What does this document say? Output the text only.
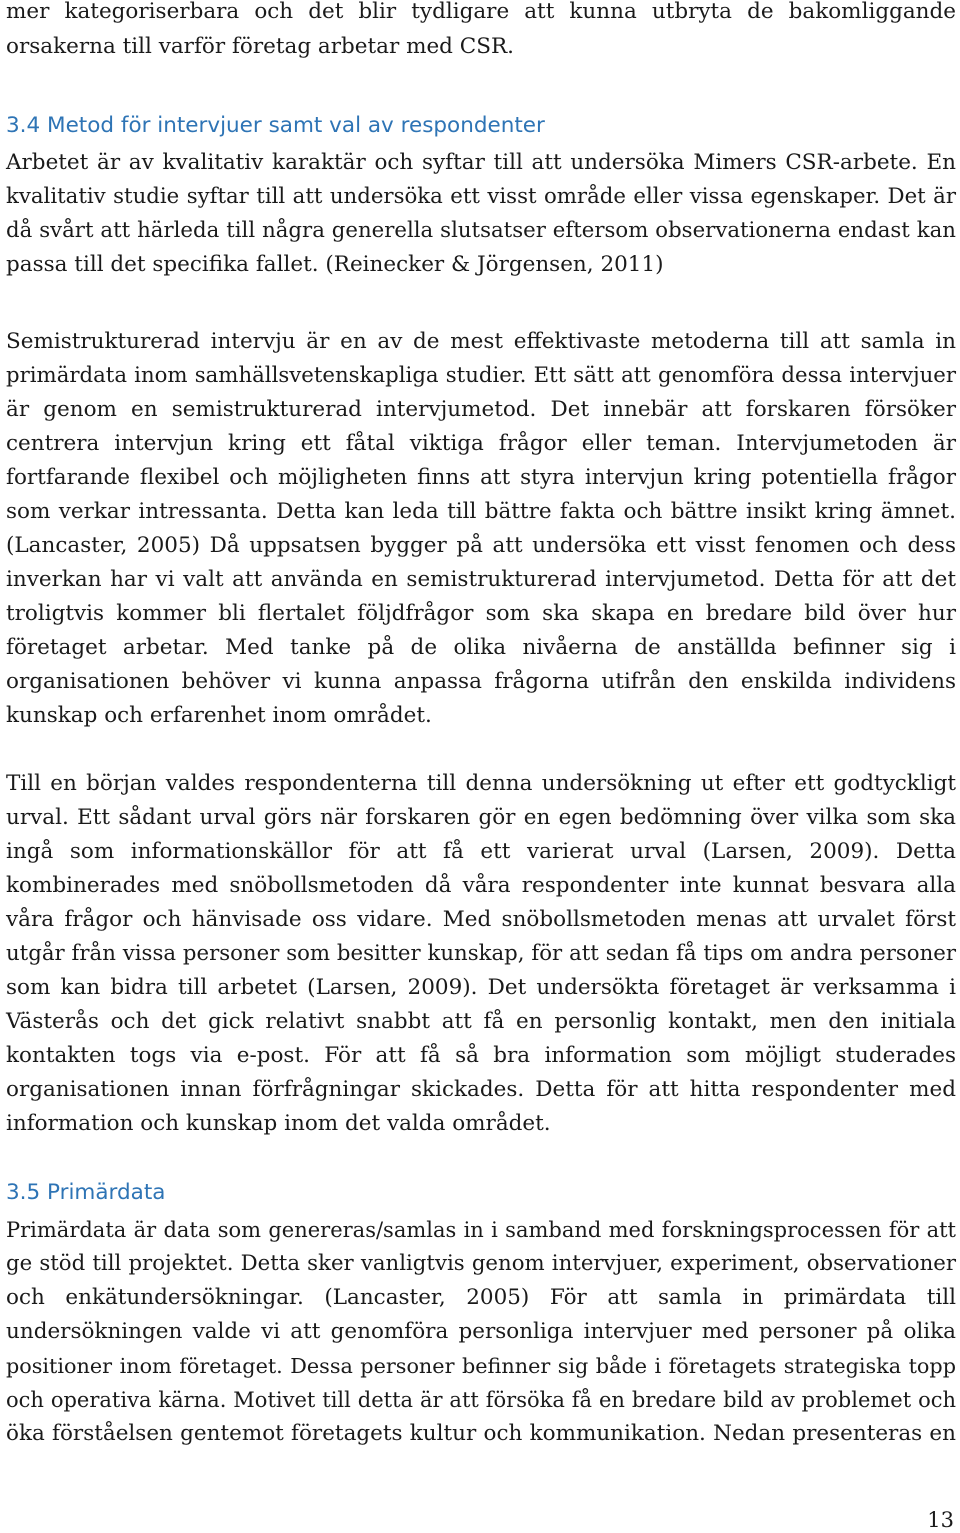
mer kategoriserbara och det blir tydligare att kunna utbryta de bakomliggande
orsakerna till varför företag arbetar med CSR.
3.4 Metod för intervjuer samt val av respondenter
Arbetet är av kvalitativ karaktär och syftar till att undersöka Mimers CSR-arbete. En
kvalitativ studie syftar till att undersöka ett visst område eller vissa egenskaper. Det är
då svårt att härleda till några generella slutsatser eftersom observationerna endast kan
passa till det specifika fallet. (Reinecker & Jörgensen, 2011)
Semistrukturerad intervju är en av de mest effektivaste metoderna till att samla in
primärdata inom samhällsvetenskapliga studier. Ett sätt att genomföra dessa intervjuer
är genom en semistrukturerad intervjumetod. Det innebär att forskaren försöker
centrera intervjun kring ett fåtal viktiga frågor eller teman. Intervjumetoden är
fortfarande flexibel och möjligheten finns att styra intervjun kring potentiella frågor
som verkar intressanta. Detta kan leda till bättre fakta och bättre insikt kring ämnet.
(Lancaster, 2005) Då uppsatsen bygger på att undersöka ett visst fenomen och dess
inverkan har vi valt att använda en semistrukturerad intervjumetod. Detta för att det
troligtvis kommer bli flertalet följdfrågor som ska skapa en bredare bild över hur
företaget arbetar. Med tanke på de olika nivåerna de anställda befinner sig i
organisationen behöver vi kunna anpassa frågorna utifrån den enskilda individens
kunskap och erfarenhet inom området.
Till en början valdes respondenterna till denna undersökning ut efter ett godtyckligt
urval. Ett sådant urval görs när forskaren gör en egen bedömning över vilka som ska
ingå som informationskällor för att få ett varierat urval (Larsen, 2009). Detta
kombinerades med snöbollsmetoden då våra respondenter inte kunnat besvara alla
våra frågor och hänvisade oss vidare. Med snöbollsmetoden menas att urvalet först
utgår från vissa personer som besitter kunskap, för att sedan få tips om andra personer
som kan bidra till arbetet (Larsen, 2009). Det undersökta företaget är verksamma i
Västerås och det gick relativt snabbt att få en personlig kontakt, men den initiala
kontakten togs via e-post. För att få så bra information som möjligt studerades
organisationen innan förfrågningar skickades. Detta för att hitta respondenter med
information och kunskap inom det valda området.
3.5 Primärdata
Primärdata är data som genereras/samlas in i samband med forskningsprocessen för att
ge stöd till projektet. Detta sker vanligtvis genom intervjuer, experiment, observationer
och enkätundersökningar. (Lancaster, 2005) För att samla in primärdata till
undersökningen valde vi att genomföra personliga intervjuer med personer på olika
positioner inom företaget. Dessa personer befinner sig både i företagets strategiska topp
och operativa kärna. Motivet till detta är att försöka få en bredare bild av problemet och
öka förståelsen gentemot företagets kultur och kommunikation. Nedan presenteras en
13
